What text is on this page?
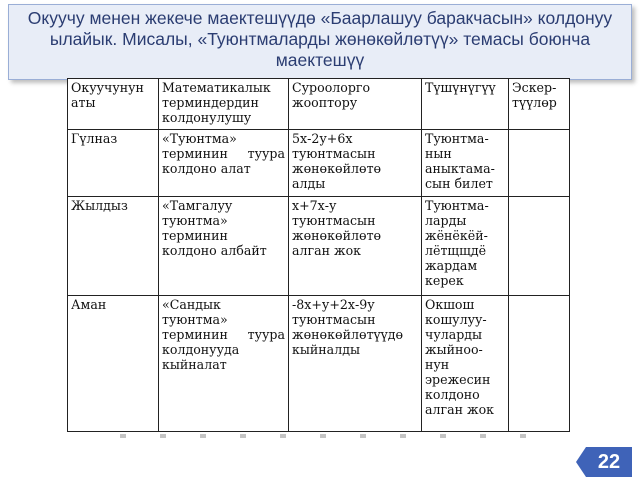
Окуучу менен жекече маектешүүдө «Баарлашуу баракчасын» колдонуу ылайык. Мисалы, «Туюнтмаларды жөнөкөйлөтүү» темасы боюнча маектешүү
Окуучунун аты	Математикалык терминдердин колдонулушу	Суроолорго жооптору	Түшүнүгүү	Эскер-түүлөр

Гүлназ	«Туюнтма» терминин туура колдоно алат	5х-2у+6х туюнтмасын жөнөкөйлөтө алды	Туюнтма-нын аныктама-сын билет	

Жылдыз	«Тамгалуу туюнтма» терминин колдоно албайт	х+7х-у туюнтмасын жөнөкөйлөтө алган жок	Туюнтма-ларды жёнёкёй-лётщщдё жардам керек	

Аман	«Сандык туюнтма» терминин туура колдонууда кыйналат	-8х+у+2х-9у туюнтмасын жөнөкөйлөтүүдө кыйналды	Окшош кошулуу-чуларды жыйноо-нун эрежесин колдоно алган жок	

22
